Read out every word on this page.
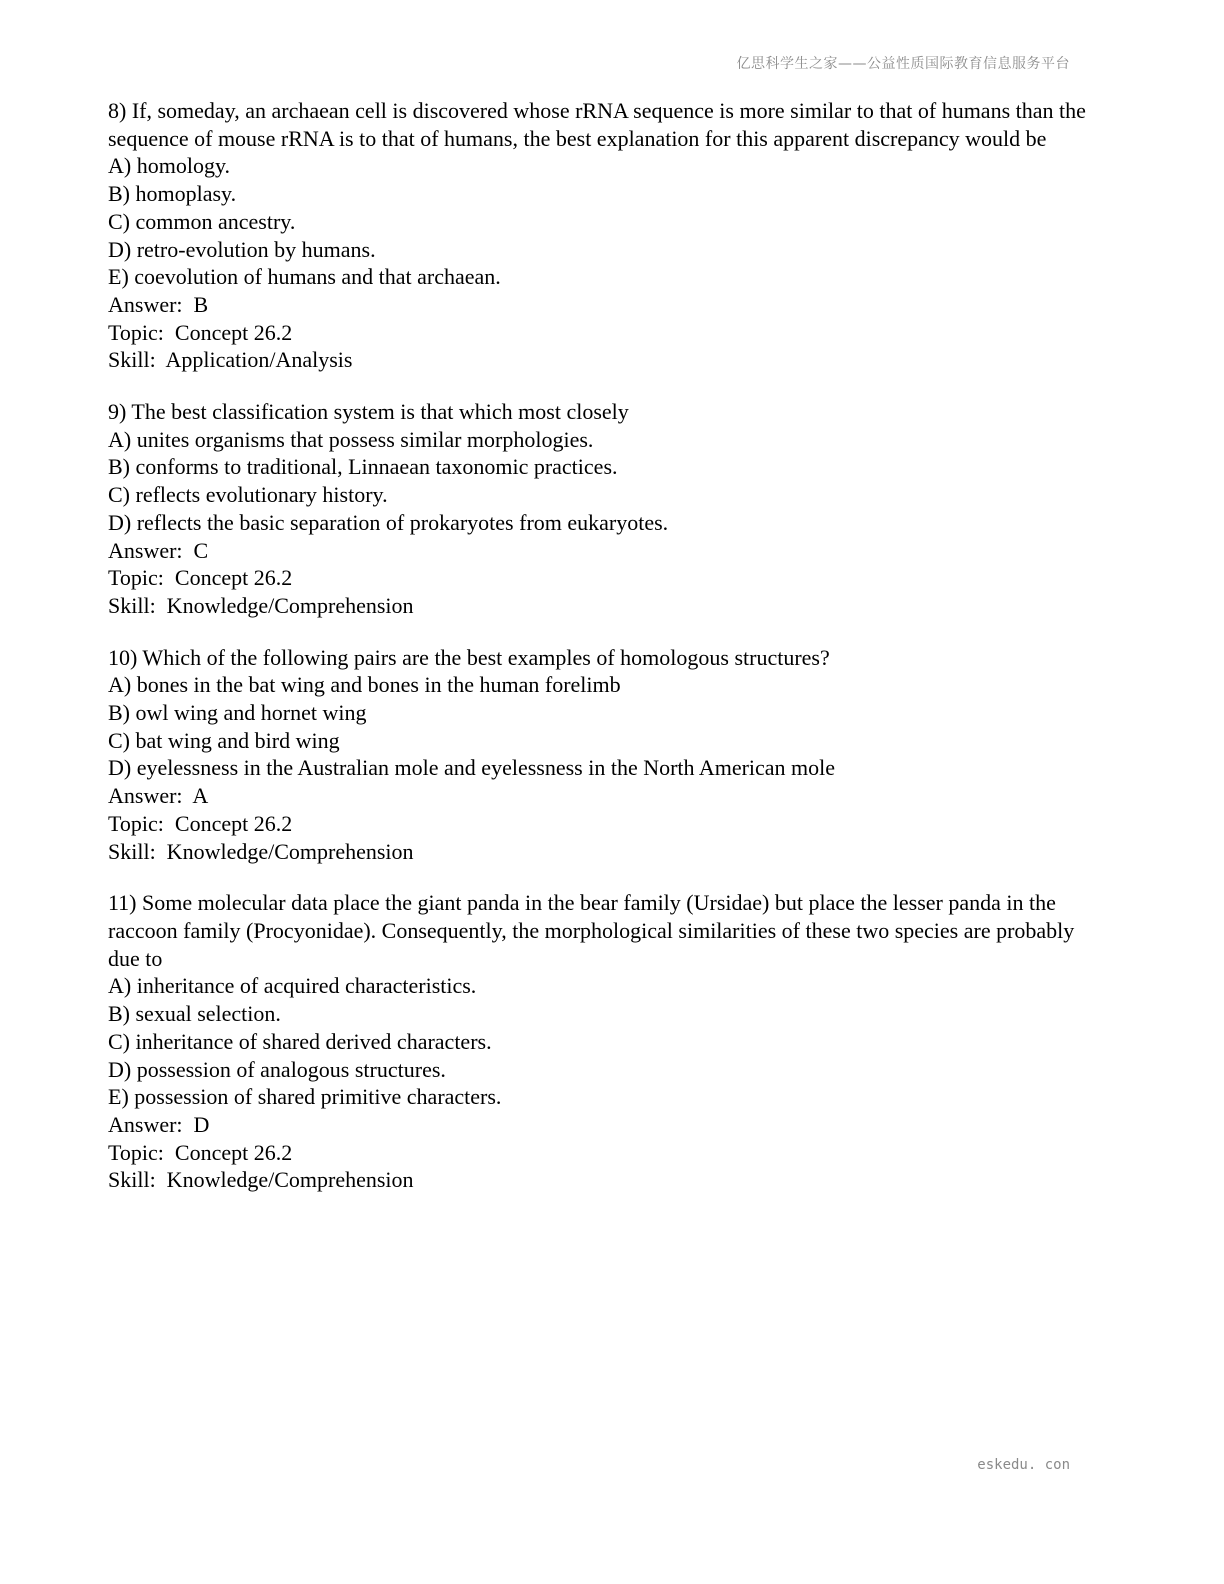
亿思科学生之家——公益性质国际教育信息服务平台

8) If, someday, an archaean cell is discovered whose rRNA sequence is more similar to that of humans than the sequence of mouse rRNA is to that of humans, the best explanation for this apparent discrepancy would be

A) homology.

B) homoplasy.

C) common ancestry.

D) retro-evolution by humans.

E) coevolution of humans and that archaean.

Answer:  B

Topic:  Concept 26.2

Skill:  Application/Analysis

9) The best classification system is that which most closely

A) unites organisms that possess similar morphologies.

B) conforms to traditional, Linnaean taxonomic practices.

C) reflects evolutionary history.

D) reflects the basic separation of prokaryotes from eukaryotes.

Answer:  C

Topic:  Concept 26.2

Skill:  Knowledge/Comprehension

10) Which of the following pairs are the best examples of homologous structures?

A) bones in the bat wing and bones in the human forelimb

B) owl wing and hornet wing

C) bat wing and bird wing

D) eyelessness in the Australian mole and eyelessness in the North American mole

Answer:  A

Topic:  Concept 26.2

Skill:  Knowledge/Comprehension

11) Some molecular data place the giant panda in the bear family (Ursidae) but place the lesser panda in the raccoon family (Procyonidae). Consequently, the morphological similarities of these two species are probably due to

A) inheritance of acquired characteristics.

B) sexual selection.

C) inheritance of shared derived characters.

D) possession of analogous structures.

E) possession of shared primitive characters.

Answer:  D

Topic:  Concept 26.2

Skill:  Knowledge/Comprehension

eskedu. con
